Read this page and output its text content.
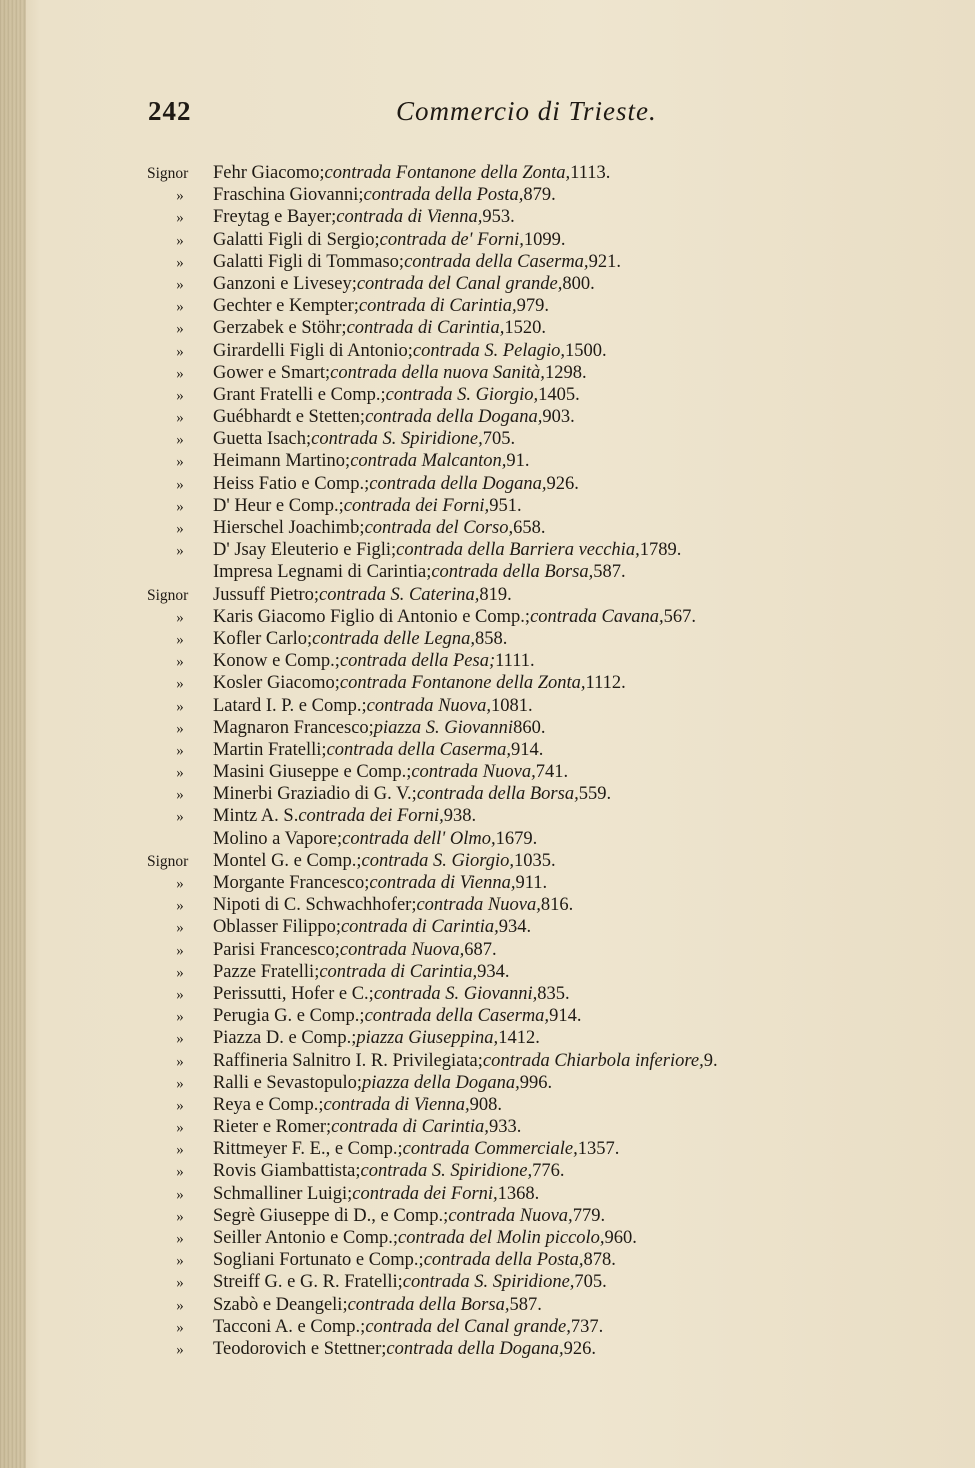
242	Commercio di Trieste.
Signor	Fehr Giacomo; contrada Fontanone della Zonta, 1113.
»	Fraschina Giovanni; contrada della Posta, 879.
»	Freytag e Bayer; contrada di Vienna, 953.
»	Galatti Figli di Sergio; contrada de' Forni, 1099.
»	Galatti Figli di Tommaso; contrada della Caserma, 921.
»	Ganzoni e Livesey; contrada del Canal grande, 800.
»	Gechter e Kempter; contrada di Carintia, 979.
»	Gerzabek e Stöhr; contrada di Carintia, 1520.
»	Girardelli Figli di Antonio; contrada S. Pelagio, 1500.
»	Gower e Smart; contrada della nuova Sanità, 1298.
»	Grant Fratelli e Comp.; contrada S. Giorgio, 1405.
»	Guébhardt e Stetten; contrada della Dogana, 903.
»	Guetta Isach; contrada S. Spiridione, 705.
»	Heimann Martino; contrada Malcanton, 91.
»	Heiss Fatio e Comp.; contrada della Dogana, 926.
»	D' Heur e Comp.; contrada dei Forni, 951.
»	Hierschel Joachimb; contrada del Corso, 658.
»	D' Jsay Eleuterio e Figli; contrada della Barriera vecchia, 1789.
Impresa Legnami di Carintia; contrada della Borsa, 587.
Signor	Jussuff Pietro; contrada S. Caterina, 819.
»	Karis Giacomo Figlio di Antonio e Comp.; contrada Cavana, 567.
»	Kofler Carlo; contrada delle Legna, 858.
»	Konow e Comp.; contrada della Pesa; 1111.
»	Kosler Giacomo; contrada Fontanone della Zonta, 1112.
»	Latard I. P. e Comp.; contrada Nuova, 1081.
»	Magnaron Francesco; piazza S. Giovanni 860.
»	Martin Fratelli; contrada della Caserma, 914.
»	Masini Giuseppe e Comp.; contrada Nuova, 741.
»	Minerbi Graziadio di G. V.; contrada della Borsa, 559.
»	Mintz A. S. contrada dei Forni, 938.
Molino a Vapore; contrada dell' Olmo, 1679.
Signor	Montel G. e Comp.; contrada S. Giorgio, 1035.
»	Morgante Francesco; contrada di Vienna, 911.
»	Nipoti di C. Schwachhofer; contrada Nuova, 816.
»	Oblasser Filippo; contrada di Carintia, 934.
»	Parisi Francesco; contrada Nuova, 687.
»	Pazze Fratelli; contrada di Carintia, 934.
»	Perissutti, Hofer e C.; contrada S. Giovanni, 835.
»	Perugia G. e Comp.; contrada della Caserma, 914.
»	Piazza D. e Comp.; piazza Giuseppina, 1412.
»	Raffineria Salnitro I. R. Privilegiata; contrada Chiarbola inferiore, 9.
»	Ralli e Sevastopulo; piazza della Dogana, 996.
»	Reya e Comp.; contrada di Vienna, 908.
»	Rieter e Romer; contrada di Carintia, 933.
»	Rittmeyer F. E., e Comp.; contrada Commerciale, 1357.
»	Rovis Giambattista; contrada S. Spiridione, 776.
»	Schmalliner Luigi; contrada dei Forni, 1368.
»	Segrè Giuseppe di D., e Comp.; contrada Nuova, 779.
»	Seiller Antonio e Comp.; contrada del Molin piccolo, 960.
»	Sogliani Fortunato e Comp.; contrada della Posta, 878.
»	Streiff G. e G. R. Fratelli; contrada S. Spiridione, 705.
»	Szabò e Deangeli; contrada della Borsa, 587.
»	Tacconi A. e Comp.; contrada del Canal grande, 737.
»	Teodorovich e Stettner; contrada della Dogana, 926.
